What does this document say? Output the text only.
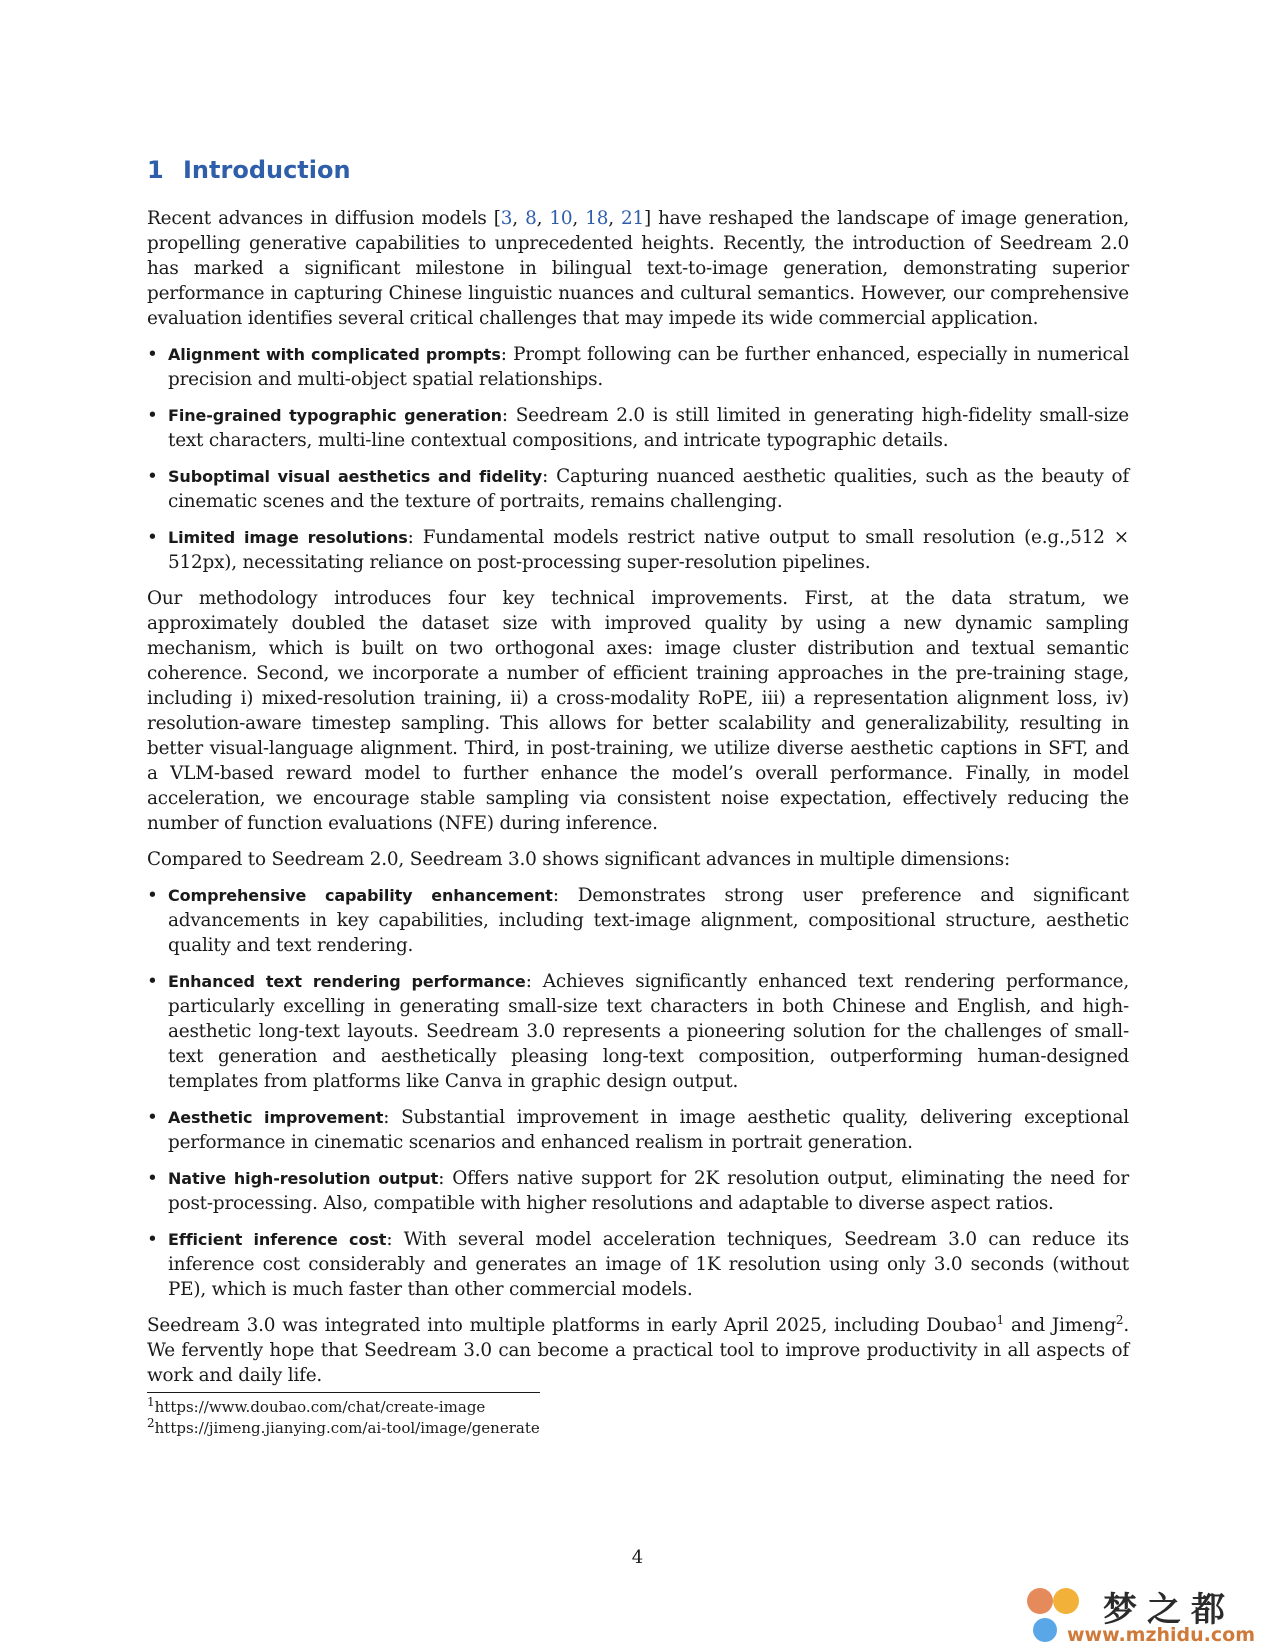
1 Introduction

Recent advances in diffusion models [3, 8, 10, 18, 21] have reshaped the landscape of image generation, propelling generative capabilities to unprecedented heights. Recently, the introduction of Seedream 2.0 has marked a significant milestone in bilingual text-to-image generation, demonstrating superior performance in capturing Chinese linguistic nuances and cultural semantics. However, our comprehensive evaluation identifies several critical challenges that may impede its wide commercial application.

• Alignment with complicated prompts: Prompt following can be further enhanced, especially in numerical precision and multi-object spatial relationships.
• Fine-grained typographic generation: Seedream 2.0 is still limited in generating high-fidelity small-size text characters, multi-line contextual compositions, and intricate typographic details.
• Suboptimal visual aesthetics and fidelity: Capturing nuanced aesthetic qualities, such as the beauty of cinematic scenes and the texture of portraits, remains challenging.
• Limited image resolutions: Fundamental models restrict native output to small resolution (e.g.,512 × 512px), necessitating reliance on post-processing super-resolution pipelines.

Our methodology introduces four key technical improvements. First, at the data stratum, we approximately doubled the dataset size with improved quality by using a new dynamic sampling mechanism, which is built on two orthogonal axes: image cluster distribution and textual semantic coherence. Second, we incorporate a number of efficient training approaches in the pre-training stage, including i) mixed-resolution training, ii) a cross-modality RoPE, iii) a representation alignment loss, iv) resolution-aware timestep sampling. This allows for better scalability and generalizability, resulting in better visual-language alignment. Third, in post-training, we utilize diverse aesthetic captions in SFT, and a VLM-based reward model to further enhance the model’s overall performance. Finally, in model acceleration, we encourage stable sampling via consistent noise expectation, effectively reducing the number of function evaluations (NFE) during inference.

Compared to Seedream 2.0, Seedream 3.0 shows significant advances in multiple dimensions:

• Comprehensive capability enhancement: Demonstrates strong user preference and significant advancements in key capabilities, including text-image alignment, compositional structure, aesthetic quality and text rendering.
• Enhanced text rendering performance: Achieves significantly enhanced text rendering performance, particularly excelling in generating small-size text characters in both Chinese and English, and high-aesthetic long-text layouts. Seedream 3.0 represents a pioneering solution for the challenges of small-text generation and aesthetically pleasing long-text composition, outperforming human-designed templates from platforms like Canva in graphic design output.
• Aesthetic improvement: Substantial improvement in image aesthetic quality, delivering exceptional performance in cinematic scenarios and enhanced realism in portrait generation.
• Native high-resolution output: Offers native support for 2K resolution output, eliminating the need for post-processing. Also, compatible with higher resolutions and adaptable to diverse aspect ratios.
• Efficient inference cost: With several model acceleration techniques, Seedream 3.0 can reduce its inference cost considerably and generates an image of 1K resolution using only 3.0 seconds (without PE), which is much faster than other commercial models.

Seedream 3.0 was integrated into multiple platforms in early April 2025, including Doubao$^1$ and Jimeng$^2$. We fervently hope that Seedream 3.0 can become a practical tool to improve productivity in all aspects of work and daily life.

$^1$https://www.doubao.com/chat/create-image
$^2$https://jimeng.jianying.com/ai-tool/image/generate
4
梦之都
www.mzhidu.com
